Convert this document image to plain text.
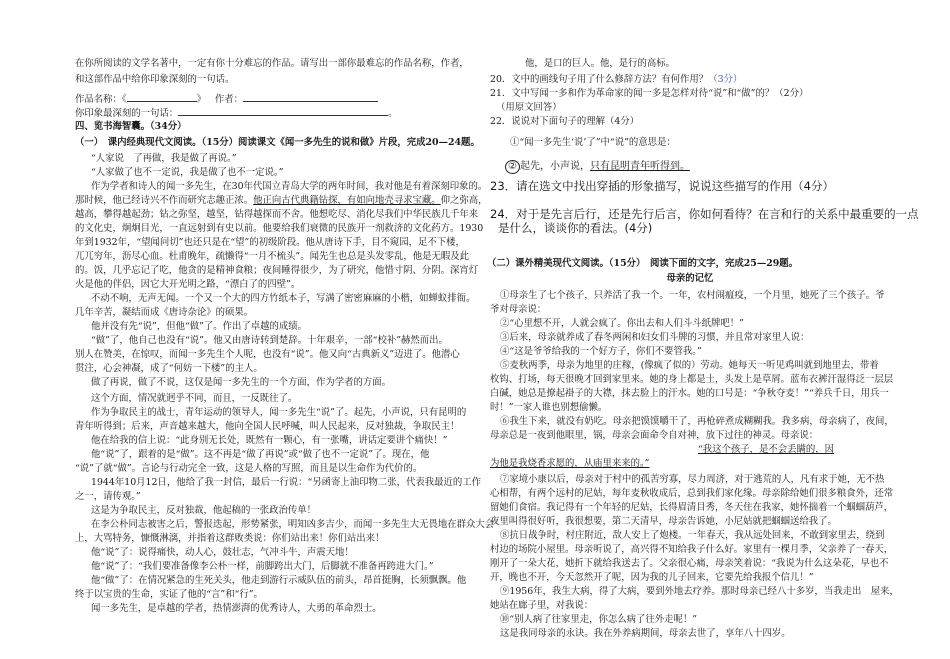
在你所阅读的文学名著中，一定有你十分难忘的作品。请写出一部你最难忘的作品名称，作者，
和这部作品中给你印象深刻的一句话。
作品名称：《	》 作者：
你印象最深刻的一句话：	。
四、览书海智囊。（34分）
（一）　课内经典现代文阅读。（15分）阅读课文《闻一多先生的说和做》片段，完成20—24题。
“人家说　了再做，我是做了再说。”
“人家做了也不一定说，我是做了也不一定说。”
作为学者和诗人的闻一多先生，在30年代国立青岛大学的两年时间，我对他是有着深刻印象的。
那时候，他已经诗兴不作而研究志趣正浓。他正向古代典籍钻探，有如向地壳寻求宝藏。仰之弥高，
越高，攀得越起劲；钻之弥坚，越坚，钻得越探而不舍。他想吃尽、消化尽我们中华民族几千年来
的文化史，炯炯目光，一直远射到有史以前。他要给我们衰微的民族开一剂救济的文化药方。1930
年到1932年，“望闻问切”也还只是在“望”的初级阶段。他从唐诗下手，目不窥园，足不下楼，
兀兀穷年，沥尽心血。杜甫晚年，疏懒得“一月不梳头”。闻先生也总是头发零乱，他是无暇及此
的。饭，几乎忘记了吃，他贪的是精神食粮；夜间睡得很少，为了研究，他惜寸阴、分阴。深宵灯
火是他的伴侣，因它大开光明之路，“漂白了的四壁”。
不动不响，无声无闻。一个又一个大的四方竹纸本子，写满了密密麻麻的小楷，如蝉蚁排衙。
几年辛苦，凝结而成《唐诗杂论》的硕果。
他并没有先“说”，但他“做”了。作出了卓越的成绩。
“做”了，他自己也没有“说”。他又由唐诗转到楚辞。十年艰辛，一部“校补”赫然而出。
别人在赞美，在惊叹，而闻一多先生个人呢，也没有“说”。他又向“古典新义”迈进了。他潜心
贯注，心会神凝，成了“何妨一下楼”的主人。
做了再说，做了不说，这仅是闻一多先生的一个方面，作为学者的方面。
这个方面，情况就迥乎不同，而且，一反既往了。
作为争取民主的战士，青年运动的领导人，闻一多先生“说”了。起先，小声说，只有昆明的
青年听得到；后来，声音越来越大，他向全国人民呼喊，叫人民起来，反对独裁，争取民主！
他在给我的信上说：“此身别无长处，既然有一颗心，有一张嘴，讲话定要讲个痛快！”
他“说”了，跟着的是“做”。这不再是“做了再说”或“做了也不一定说”了。现在，他
“说”了就“做”。言论与行动完全一致，这是人格的写照，而且是以生命作为代价的。
1944年10月12日，他给了我一封信，最后一行说：“另函寄上油印物二张，代表我最近的工作
之一，请传观。”
这是为争取民主，反对独裁，他起稿的一张政治传单！
在李公朴同志被害之后，警报迭起，形势紧张，明知凶多吉少，而闻一多先生大无畏地在群众大会
上，大骂特务，慷慨淋漓，并指着这群败类说：你们站出来！你们站出来！
他“说”了：说得痛快，动人心，鼓壮志，气冲斗牛，声震天地！
他“说”了：“我们要准备像李公朴一样，前脚跨出大门，后脚就不准备再跨进大门。”
他“做”了：在情况紧急的生死关头，他走到游行示威队伍的前头，昂首挺胸，长须飘飘。他
终于以宝贵的生命，实证了他的“言”和“行”。
闻一多先生，是卓越的学者，热情澎湃的优秀诗人，大勇的革命烈士。
他，是口的巨人。他，是行的高标。
20．文中的画线句子用了什么修辞方法？有何作用？（3分）
21．文中写闻一多和作为革命家的闻一多是怎样对待“说”和“做”的？（2分）
（用原文回答）
22．说说对下面句子的理解（4分）
①“闻一多先生‘说’了”中“说”的意思是：
② 起先，小声说，只有昆明青年听得到。
23．请在选文中找出穿插的形象描写，说说这些描写的作用（4分）
24．对于是先言后行，还是先行后言，你如何看待？在言和行的关系中最重要的一点
是什么，谈谈你的看法。(4分)
（二）课外精美现代文阅读。（15分）　阅读下面的文字，完成25—29题。
母亲的记忆
①母亲生了七个孩子，只养活了我一个。一年，农村闹瘟疫，一个月里，她死了三个孩子。爷
爷对母亲说：
②“心里想不开，人就会疯了。你出去和人们斗斗纸牌吧！”
③后来，母亲就养成了春冬两闲和妇女们斗牌的习惯，并且常对家里人说：
④“这是爷爷给我的一个好方子，你们不要管我。”
⑤麦秋两季，母亲为地里的庄稼，(像疯了似的）劳动。她每天一听见鸡叫就到地里去，带着
枚钩、打场，每天很晚才回到家里来。她的身上都是土，头发上是草屑。蓝布衣裤汗湿得泛一层层
白碱，她总是撩起褂子的大襟，抹去脸上的汗水。她的口号是：“争秋夺麦！”“养兵千日，用兵一
时！”一家人谁也别想偷懒。
⑥我生下来，就没有奶吃。母亲把馍馍嚼干了，再枪碎煮成糊糊我。我多病，母亲病了，夜间，
母亲总是一夜到他眼里，锅，母亲会面命令自对神，放下过往的神灵。母亲说：
“我这个孩子，是不会丢瞒的，因
为他是我烧香求愿的，从庙里来来的。”
⑦家境小康以后，母亲对于村中的孤苦穷寡，尽力周济，对于逃荒的人，凡有求于她，无不热
心相帮，有两个远村的尼姑，每年麦秋收成后，总到我们家化缘。母亲除给她们很多粮食外，还常
留她们食宿。我记得有一个年轻的尼姑，长得眉清目秀，冬天住在我家，她怀揣着一个蝈蝈葫芦，
夜里叫得很好听，我很想要，第二天清早，母亲告诉她，小尼姑就把蝈蝈送给我了。
⑧抗日战争时，村庄附近，敌人安上了炮楼。一年春天，我从远处回来，不敢到家里去，绕到
村边的场院小屋里。母亲听说了，高兴得不知给我子什么好。家里有一棵月季，父亲养了一春天，
刚开了一朵大花，她折下就给我送去了。父亲很心痛，母亲笑着说：“我说为什么这朵花，早也不
开，晚也不开，今天忽然开了呢，因为我的儿子回来，它要先给我报个信儿！”
⑨1956年，我生大病，得了大病，要到外地去疗养。那时母亲已经八十多岁，当我走出　屋来，
她站在廊子里，对我说：
⑩“别人病了往家里走，你怎么病了往外走呢！”
这是我同母亲的永诀。我在外养病期间，母亲去世了，享年八十四岁。
